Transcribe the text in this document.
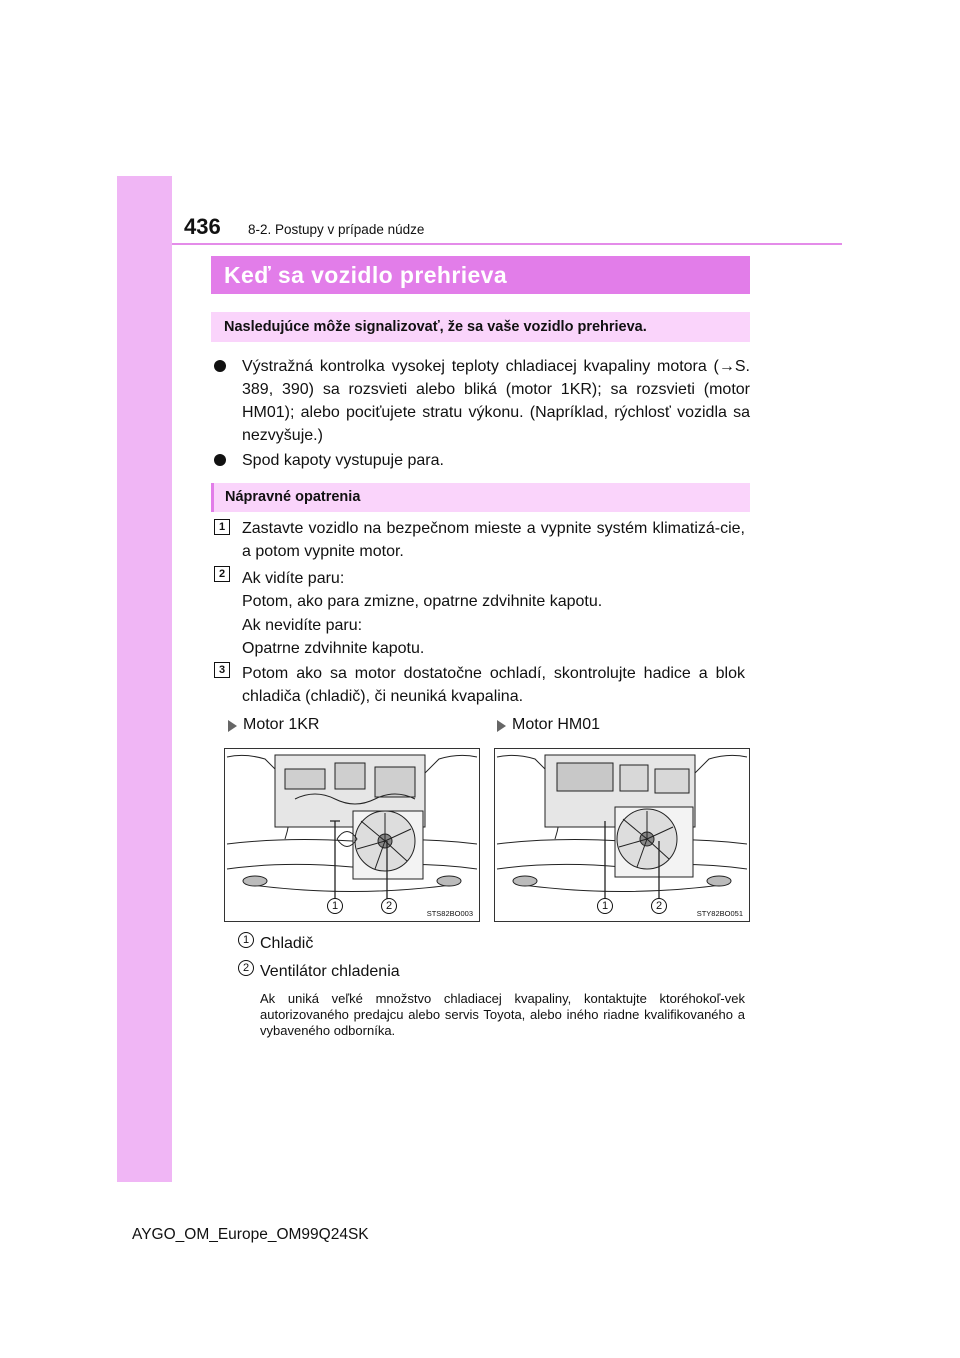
436 8-2. Postupy v prípade núdze
Keď sa vozidlo prehrieva
Nasledujúce môže signalizovať, že sa vaše vozidlo prehrieva.
Výstražná kontrolka vysokej teploty chladiacej kvapaliny motora (→S. 389, 390) sa rozsvieti alebo bliká (motor 1KR); sa rozsvieti (motor HM01); alebo pociťujete stratu výkonu. (Napríklad, rýchlosť vozidla sa nezvyšuje.)
Spod kapoty vystupuje para.
Nápravné opatrenia
1	Zastavte vozidlo na bezpečnom mieste a vypnite systém klimatizá-cie, a potom vypnite motor.
2	Ak vidíte paru:
Potom, ako para zmizne, opatrne zdvihnite kapotu.
Ak nevidíte paru:
Opatrne zdvihnite kapotu.
3	Potom ako sa motor dostatočne ochladí, skontrolujte hadice a blok chladiča (chladič), či neuniká kvapalina.
Motor 1KR	Motor HM01
1	2
STS82BO003
1	2
STY82BO051
1 Chladič
2 Ventilátor chladenia
Ak uniká veľké množstvo chladiacej kvapaliny, kontaktujte ktoréhokoľ-vek autorizovaného predajcu alebo servis Toyota, alebo iného riadne kvalifikovaného a vybaveného odborníka.
AYGO_OM_Europe_OM99Q24SK
